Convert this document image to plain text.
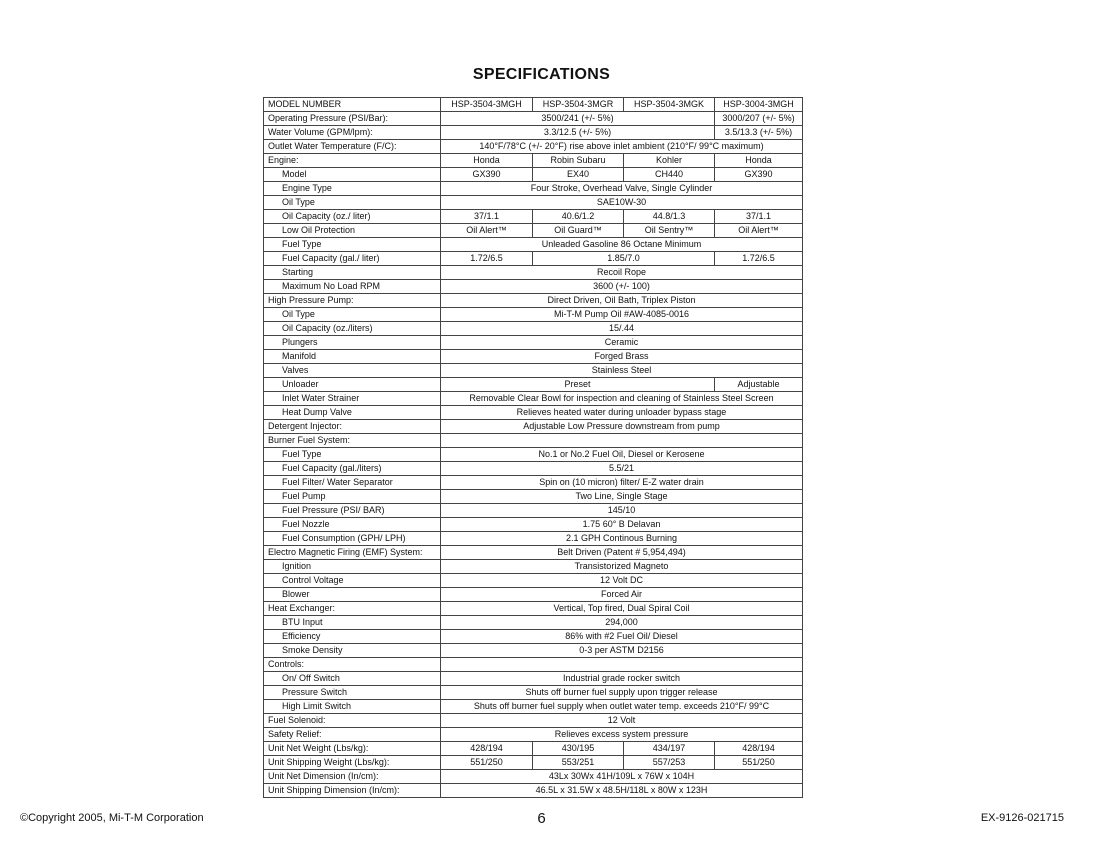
SPECIFICATIONS
MODEL NUMBER	HSP-3504-3MGH	HSP-3504-3MGR	HSP-3504-3MGK	HSP-3004-3MGH
Operating Pressure (PSI/Bar):	3500/241 (+/- 5%)			3000/207 (+/- 5%)
Water Volume (GPM/lpm):	3.3/12.5 (+/- 5%)			3.5/13.3 (+/- 5%)
Outlet Water Temperature (F/C):	140°F/78°C (+/- 20°F) rise above inlet ambient (210°F/ 99°C maximum)			
Engine:	Honda	Robin Subaru	Kohler	Honda
Model	GX390	EX40	CH440	GX390
Engine Type	Four Stroke, Overhead Valve, Single Cylinder			
Oil Type	SAE10W-30			
Oil Capacity (oz./ liter)	37/1.1	40.6/1.2	44.8/1.3	37/1.1
Low Oil Protection	Oil Alert™	Oil Guard™	Oil Sentry™	Oil Alert™
Fuel Type	Unleaded Gasoline 86 Octane Minimum			
Fuel Capacity (gal./ liter)	1.72/6.5	1.85/7.0		1.72/6.5
Starting	Recoil Rope			
Maximum No Load RPM	3600 (+/- 100)			
High Pressure Pump:	Direct Driven, Oil Bath, Triplex Piston			
Oil Type	Mi-T-M Pump Oil #AW-4085-0016			
Oil Capacity (oz./liters)	15/.44			
Plungers	Ceramic			
Manifold	Forged Brass			
Valves	Stainless Steel			
Unloader	Preset			Adjustable
Inlet Water Strainer	Removable Clear Bowl for inspection and cleaning of Stainless Steel Screen			
Heat Dump Valve	Relieves heated water during unloader bypass stage			
Detergent Injector:	Adjustable Low Pressure downstream from pump			
Burner Fuel System:				
Fuel Type	No.1 or No.2 Fuel Oil, Diesel or Kerosene			
Fuel Capacity (gal./liters)	5.5/21			
Fuel Filter/ Water Separator	Spin on (10 micron) filter/ E-Z water drain			
Fuel Pump	Two Line, Single Stage			
Fuel Pressure (PSI/ BAR)	145/10			
Fuel Nozzle	1.75 60° B Delavan			
Fuel Consumption (GPH/ LPH)	2.1 GPH Continous Burning			
Electro Magnetic Firing (EMF) System:	Belt Driven (Patent # 5,954,494)			
Ignition	Transistorized Magneto			
Control Voltage	12 Volt DC			
Blower	Forced Air			
Heat Exchanger:	Vertical, Top fired, Dual Spiral Coil			
BTU Input	294,000			
Efficiency	86% with #2 Fuel Oil/ Diesel			
Smoke Density	0-3 per ASTM D2156			
Controls:				
On/ Off Switch	Industrial grade rocker switch			
Pressure Switch	Shuts off burner fuel supply upon trigger release			
High Limit Switch	Shuts off burner fuel supply when outlet water temp. exceeds 210°F/ 99°C			
Fuel Solenoid:	12 Volt			
Safety Relief:	Relieves excess system pressure			
Unit Net Weight (Lbs/kg):	428/194	430/195	434/197	428/194
Unit Shipping Weight (Lbs/kg):	551/250	553/251	557/253	551/250
Unit Net Dimension (In/cm):	43Lx 30Wx 41H/109L x 76W x 104H			
Unit Shipping Dimension (In/cm):	46.5L x 31.5W x 48.5H/118L x 80W x 123H			
©Copyright 2005, Mi-T-M Corporation	6	EX-9126-021715
